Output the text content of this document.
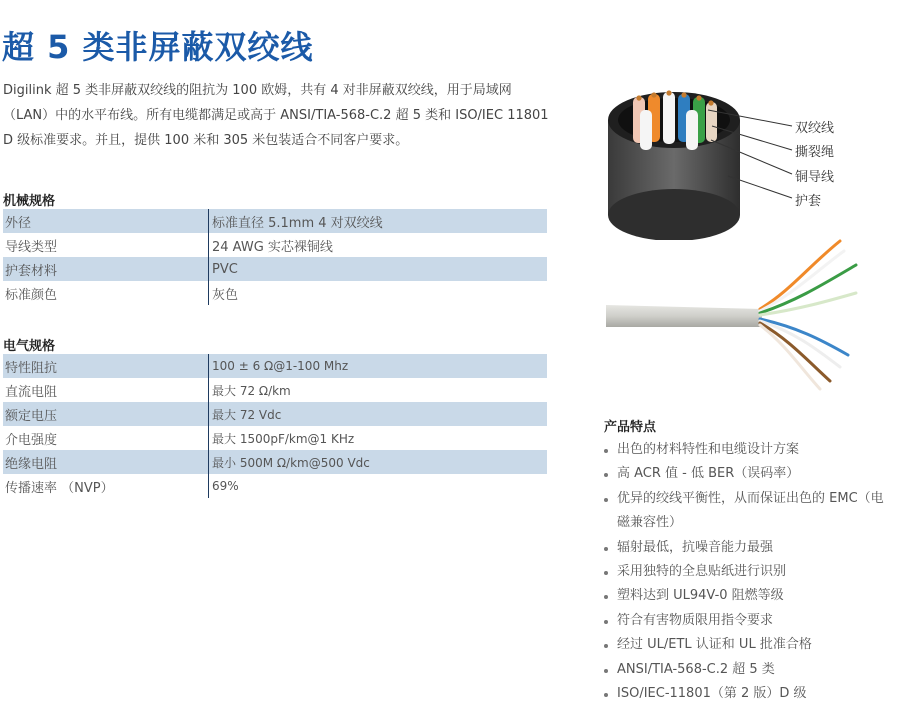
超 5 类非屏蔽双绞线

Digilink 超 5 类非屏蔽双绞线的阻抗为 100 欧姆，共有 4 对非屏蔽双绞线，用于局域网（LAN）中的水平布线。所有电缆都满足或高于 ANSI/TIA-568-C.2 超 5 类和 ISO/IEC 11801 D 级标准要求。并且，提供 100 米和 305 米包装适合不同客户要求。

机械规格
外径	标准直径 5.1mm 4 对双绞线
导线类型	24 AWG 实芯裸铜线
护套材料	PVC
标准颜色	灰色
电气规格
特性阻抗	100 ± 6 Ω@1-100 Mhz
直流电阻	最大 72 Ω/km
额定电压	最大 72 Vdc
介电强度	最大 1500pF/km@1 KHz
绝缘电阻	最小 500M Ω/km@500 Vdc
传播速率 （NVP）	69%
双绞线
撕裂绳
铜导线
护套
产品特点
出色的材料特性和电缆设计方案
高 ACR 值 - 低 BER（误码率）
优异的绞线平衡性，从而保证出色的 EMC（电磁兼容性）
辐射最低，抗噪音能力最强
采用独特的全息贴纸进行识别
塑料达到 UL94V-0 阻燃等级
符合有害物质限用指令要求
经过 UL/ETL 认证和 UL 批准合格
ANSI/TIA-568-C.2 超 5 类
ISO/IEC-11801（第 2 版）D 级
